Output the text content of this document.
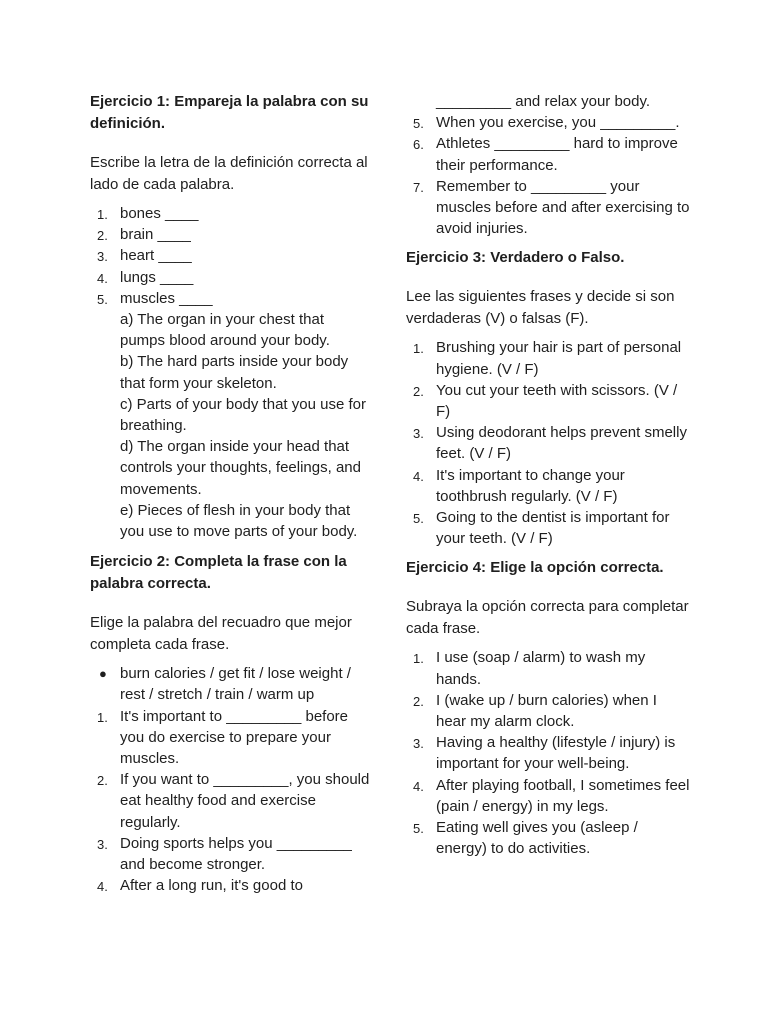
Ejercicio 1: Empareja la palabra con su definición.
Escribe la letra de la definición correcta al lado de cada palabra.
1. bones ____
2. brain ____
3. heart ____
4. lungs ____
5. muscles ____
a) The organ in your chest that pumps blood around your body.
b) The hard parts inside your body that form your skeleton.
c) Parts of your body that you use for breathing.
d) The organ inside your head that controls your thoughts, feelings, and movements.
e) Pieces of flesh in your body that you use to move parts of your body.
Ejercicio 2: Completa la frase con la palabra correcta.
Elige la palabra del recuadro que mejor completa cada frase.
● burn calories / get fit / lose weight / rest / stretch / train / warm up
1. It's important to _________ before you do exercise to prepare your muscles.
2. If you want to _________, you should eat healthy food and exercise regularly.
3. Doing sports helps you _________ and become stronger.
4. After a long run, it's good to
_________ and relax your body.
5. When you exercise, you _________.
6. Athletes _________ hard to improve their performance.
7. Remember to _________ your muscles before and after exercising to avoid injuries.
Ejercicio 3: Verdadero o Falso.
Lee las siguientes frases y decide si son verdaderas (V) o falsas (F).
1. Brushing your hair is part of personal hygiene. (V / F)
2. You cut your teeth with scissors. (V / F)
3. Using deodorant helps prevent smelly feet. (V / F)
4. It's important to change your toothbrush regularly. (V / F)
5. Going to the dentist is important for your teeth. (V / F)
Ejercicio 4: Elige la opción correcta.
Subraya la opción correcta para completar cada frase.
1. I use (soap / alarm) to wash my hands.
2. I (wake up / burn calories) when I hear my alarm clock.
3. Having a healthy (lifestyle / injury) is important for your well-being.
4. After playing football, I sometimes feel (pain / energy) in my legs.
5. Eating well gives you (asleep / energy) to do activities.
